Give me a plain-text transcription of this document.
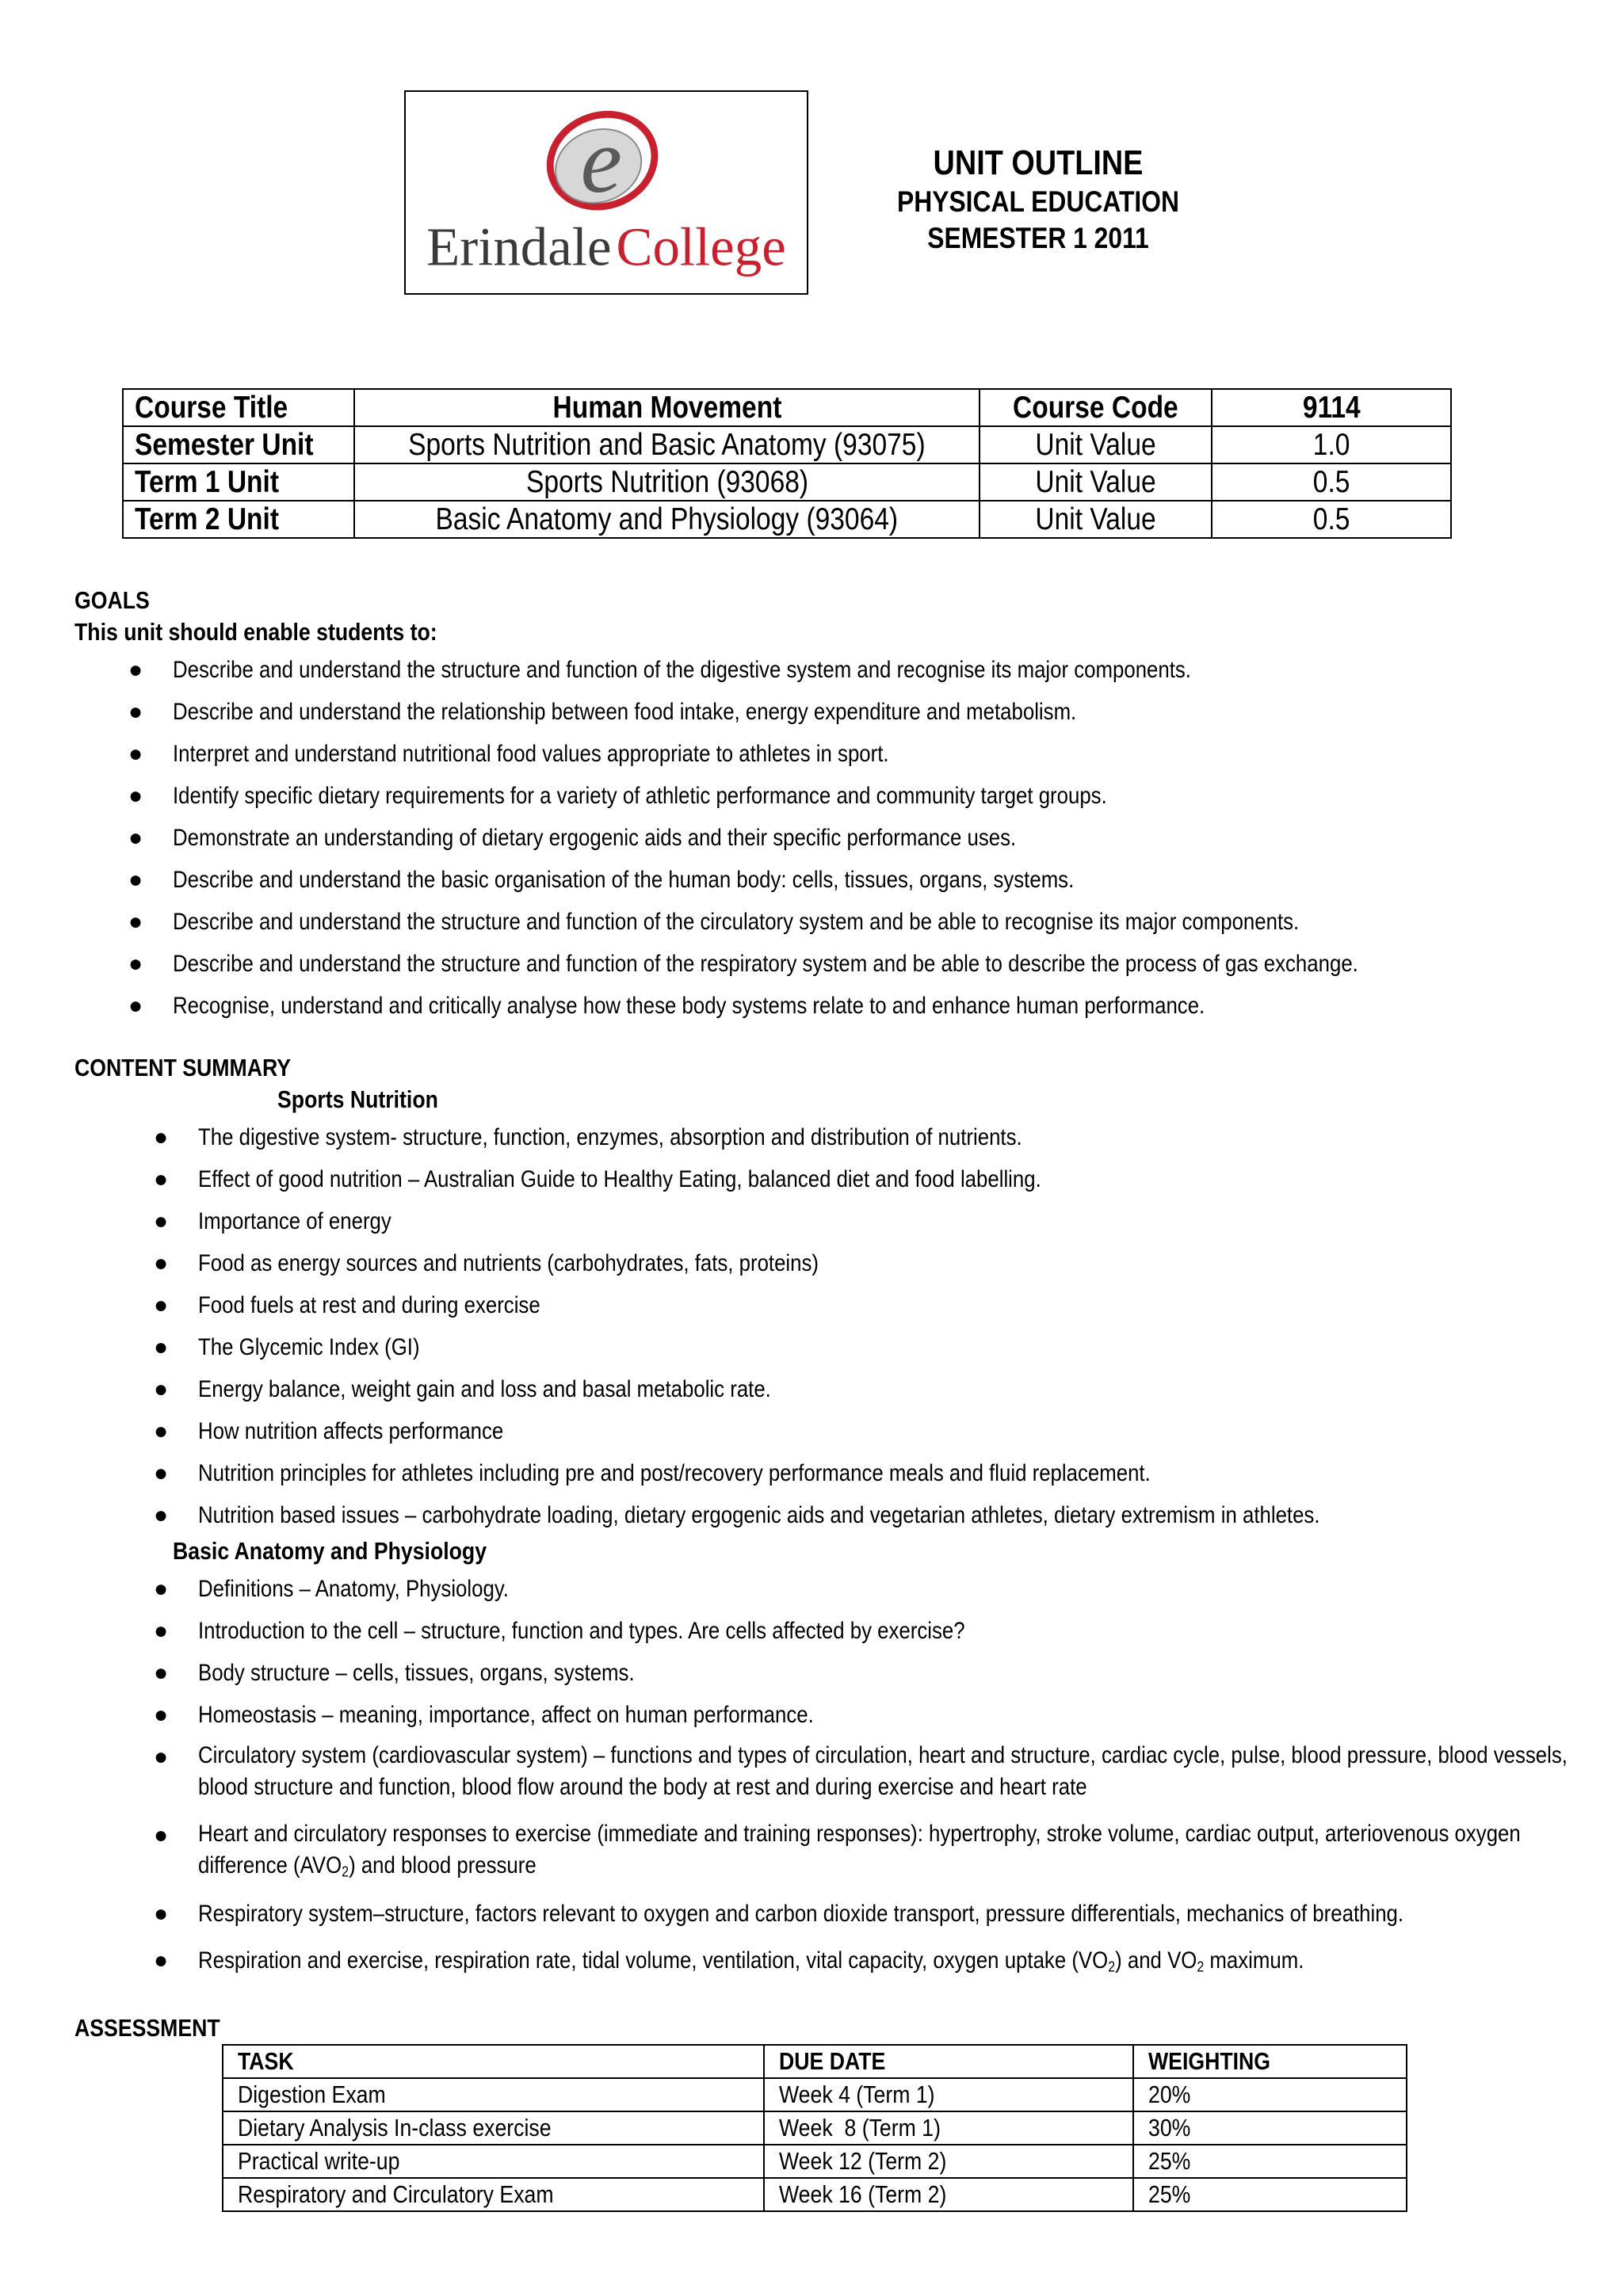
e
ErindaleCollege
UNIT OUTLINE
PHYSICAL EDUCATION
SEMESTER 1 2011
Course Title	Human Movement	Course Code	9114
Semester Unit	Sports Nutrition and Basic Anatomy (93075)	Unit Value	1.0
Term 1 Unit	Sports Nutrition (93068)	Unit Value	0.5
Term 2 Unit	Basic Anatomy and Physiology (93064)	Unit Value	0.5
GOALS
This unit should enable students to:
● Describe and understand the structure and function of the digestive system and recognise its major components.
● Describe and understand the relationship between food intake, energy expenditure and metabolism.
● Interpret and understand nutritional food values appropriate to athletes in sport.
● Identify specific dietary requirements for a variety of athletic performance and community target groups.
● Demonstrate an understanding of dietary ergogenic aids and their specific performance uses.
● Describe and understand the basic organisation of the human body: cells, tissues, organs, systems.
● Describe and understand the structure and function of the circulatory system and be able to recognise its major components.
● Describe and understand the structure and function of the respiratory system and be able to describe the process of gas exchange.
● Recognise, understand and critically analyse how these body systems relate to and enhance human performance.
CONTENT SUMMARY
Sports Nutrition
● The digestive system- structure, function, enzymes, absorption and distribution of nutrients.
● Effect of good nutrition – Australian Guide to Healthy Eating, balanced diet and food labelling.
● Importance of energy
● Food as energy sources and nutrients (carbohydrates, fats, proteins)
● Food fuels at rest and during exercise
● The Glycemic Index (GI)
● Energy balance, weight gain and loss and basal metabolic rate.
● How nutrition affects performance
● Nutrition principles for athletes including pre and post/recovery performance meals and fluid replacement.
● Nutrition based issues – carbohydrate loading, dietary ergogenic aids and vegetarian athletes, dietary extremism in athletes.
Basic Anatomy and Physiology
● Definitions – Anatomy, Physiology.
● Introduction to the cell – structure, function and types. Are cells affected by exercise?
● Body structure – cells, tissues, organs, systems.
● Homeostasis – meaning, importance, affect on human performance.
● Circulatory system (cardiovascular system) – functions and types of circulation, heart and structure, cardiac cycle, pulse, blood pressure, blood vessels, blood structure and function, blood flow around the body at rest and during exercise and heart rate
● Heart and circulatory responses to exercise (immediate and training responses): hypertrophy, stroke volume, cardiac output, arteriovenous oxygen difference $(AVO_2)$ and blood pressure
● Respiratory system–structure, factors relevant to oxygen and carbon dioxide transport, pressure differentials, mechanics of breathing.
● Respiration and exercise, respiration rate, tidal volume, ventilation, vital capacity, oxygen uptake $(VO_2)$ and $VO_2$ maximum.
ASSESSMENT
TASK	DUE DATE	WEIGHTING
Digestion Exam	Week 4 (Term 1)	20%
Dietary Analysis In-class exercise	Week  8 (Term 1)	30%
Practical write-up	Week 12 (Term 2)	25%
Respiratory and Circulatory Exam	Week 16 (Term 2)	25%
